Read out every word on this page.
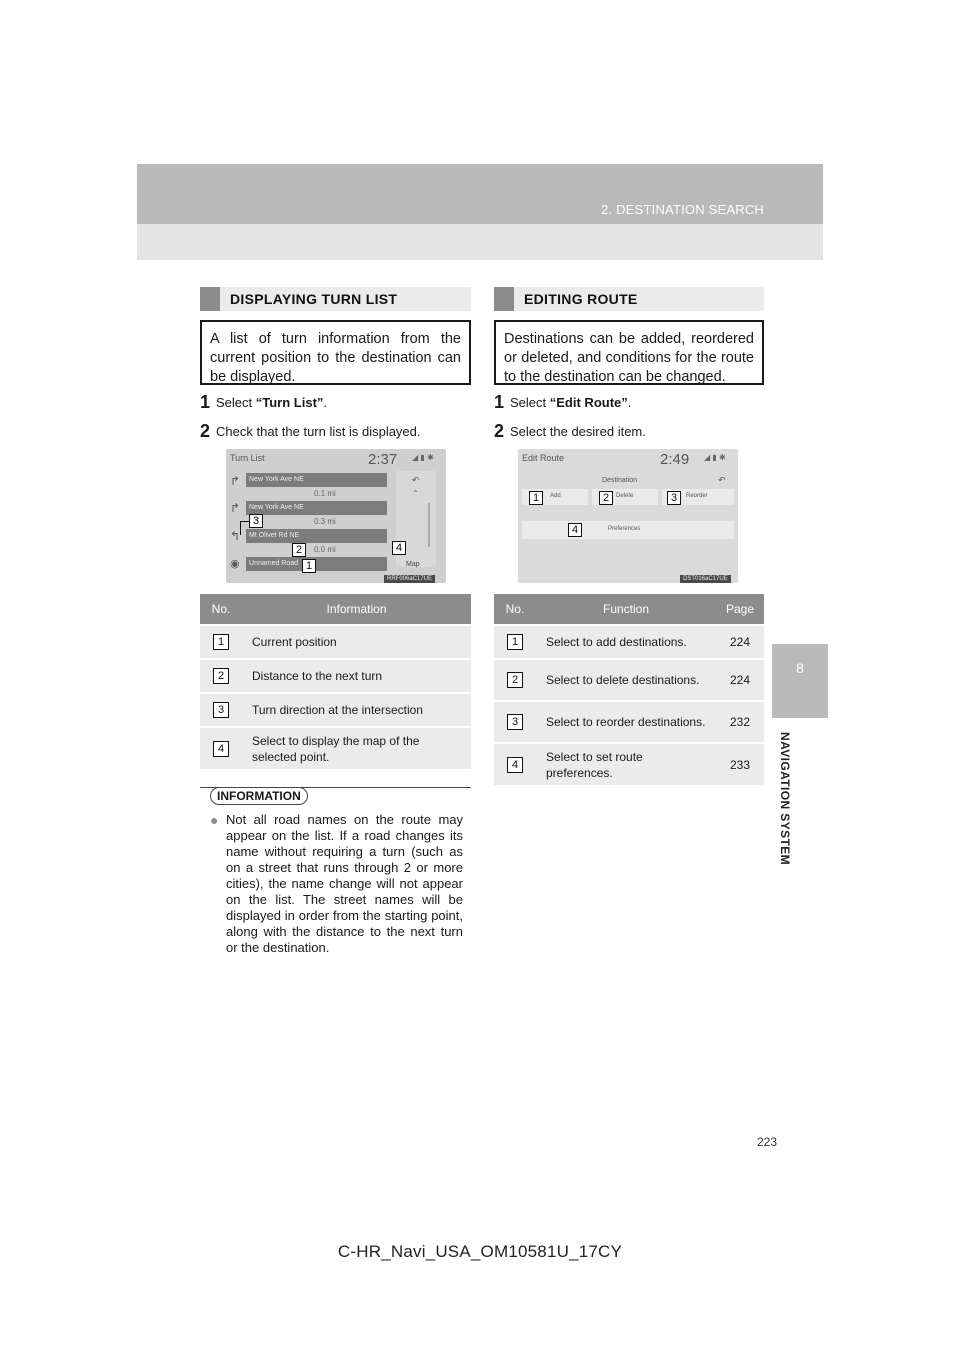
2. DESTINATION SEARCH
8
NAVIGATION SYSTEM
DISPLAYING TURN LIST
A list of turn information from the current position to the destination can be displayed.
1 Select “Turn List”.
2 Check that the turn list is displayed.
Turn List	2:37 ◢ ▮ ✱
↱	New York Ave NE
0.1 mi
↱	New York Ave NE
0.3 mi
↰	Mt Olivet Rd NE
0.0 mi
◉	Unnamed Road
↶
⌃
Map
RRF006aC17UE
3
2	4
1
No.	Information
1	Current position
2	Distance to the next turn
3	Turn direction at the intersection
4	Select to display the map of the selected point.
INFORMATION
● Not all road names on the route may appear on the list. If a road changes its name without requiring a turn (such as on a street that runs through 2 or more cities), the name change will not appear on the list. The street names will be displayed in order from the starting point, along with the distance to the next turn or the destination.
EDITING ROUTE
Destinations can be added, reordered or deleted, and conditions for the route to the destination can be changed.
1 Select “Edit Route”.
2 Select the desired item.
Edit Route	2:49 ◢ ▮ ✱
Destination	↶
Add	Delete	Reorder
Preferences
DST016aC17UE
1	2	3
4
No.	Function	Page
1	Select to add destinations.	224
2	Select to delete destinations.	224
3	Select to reorder destinations.	232
4	Select to set route preferences.	233
223
C-HR_Navi_USA_OM10581U_17CY
